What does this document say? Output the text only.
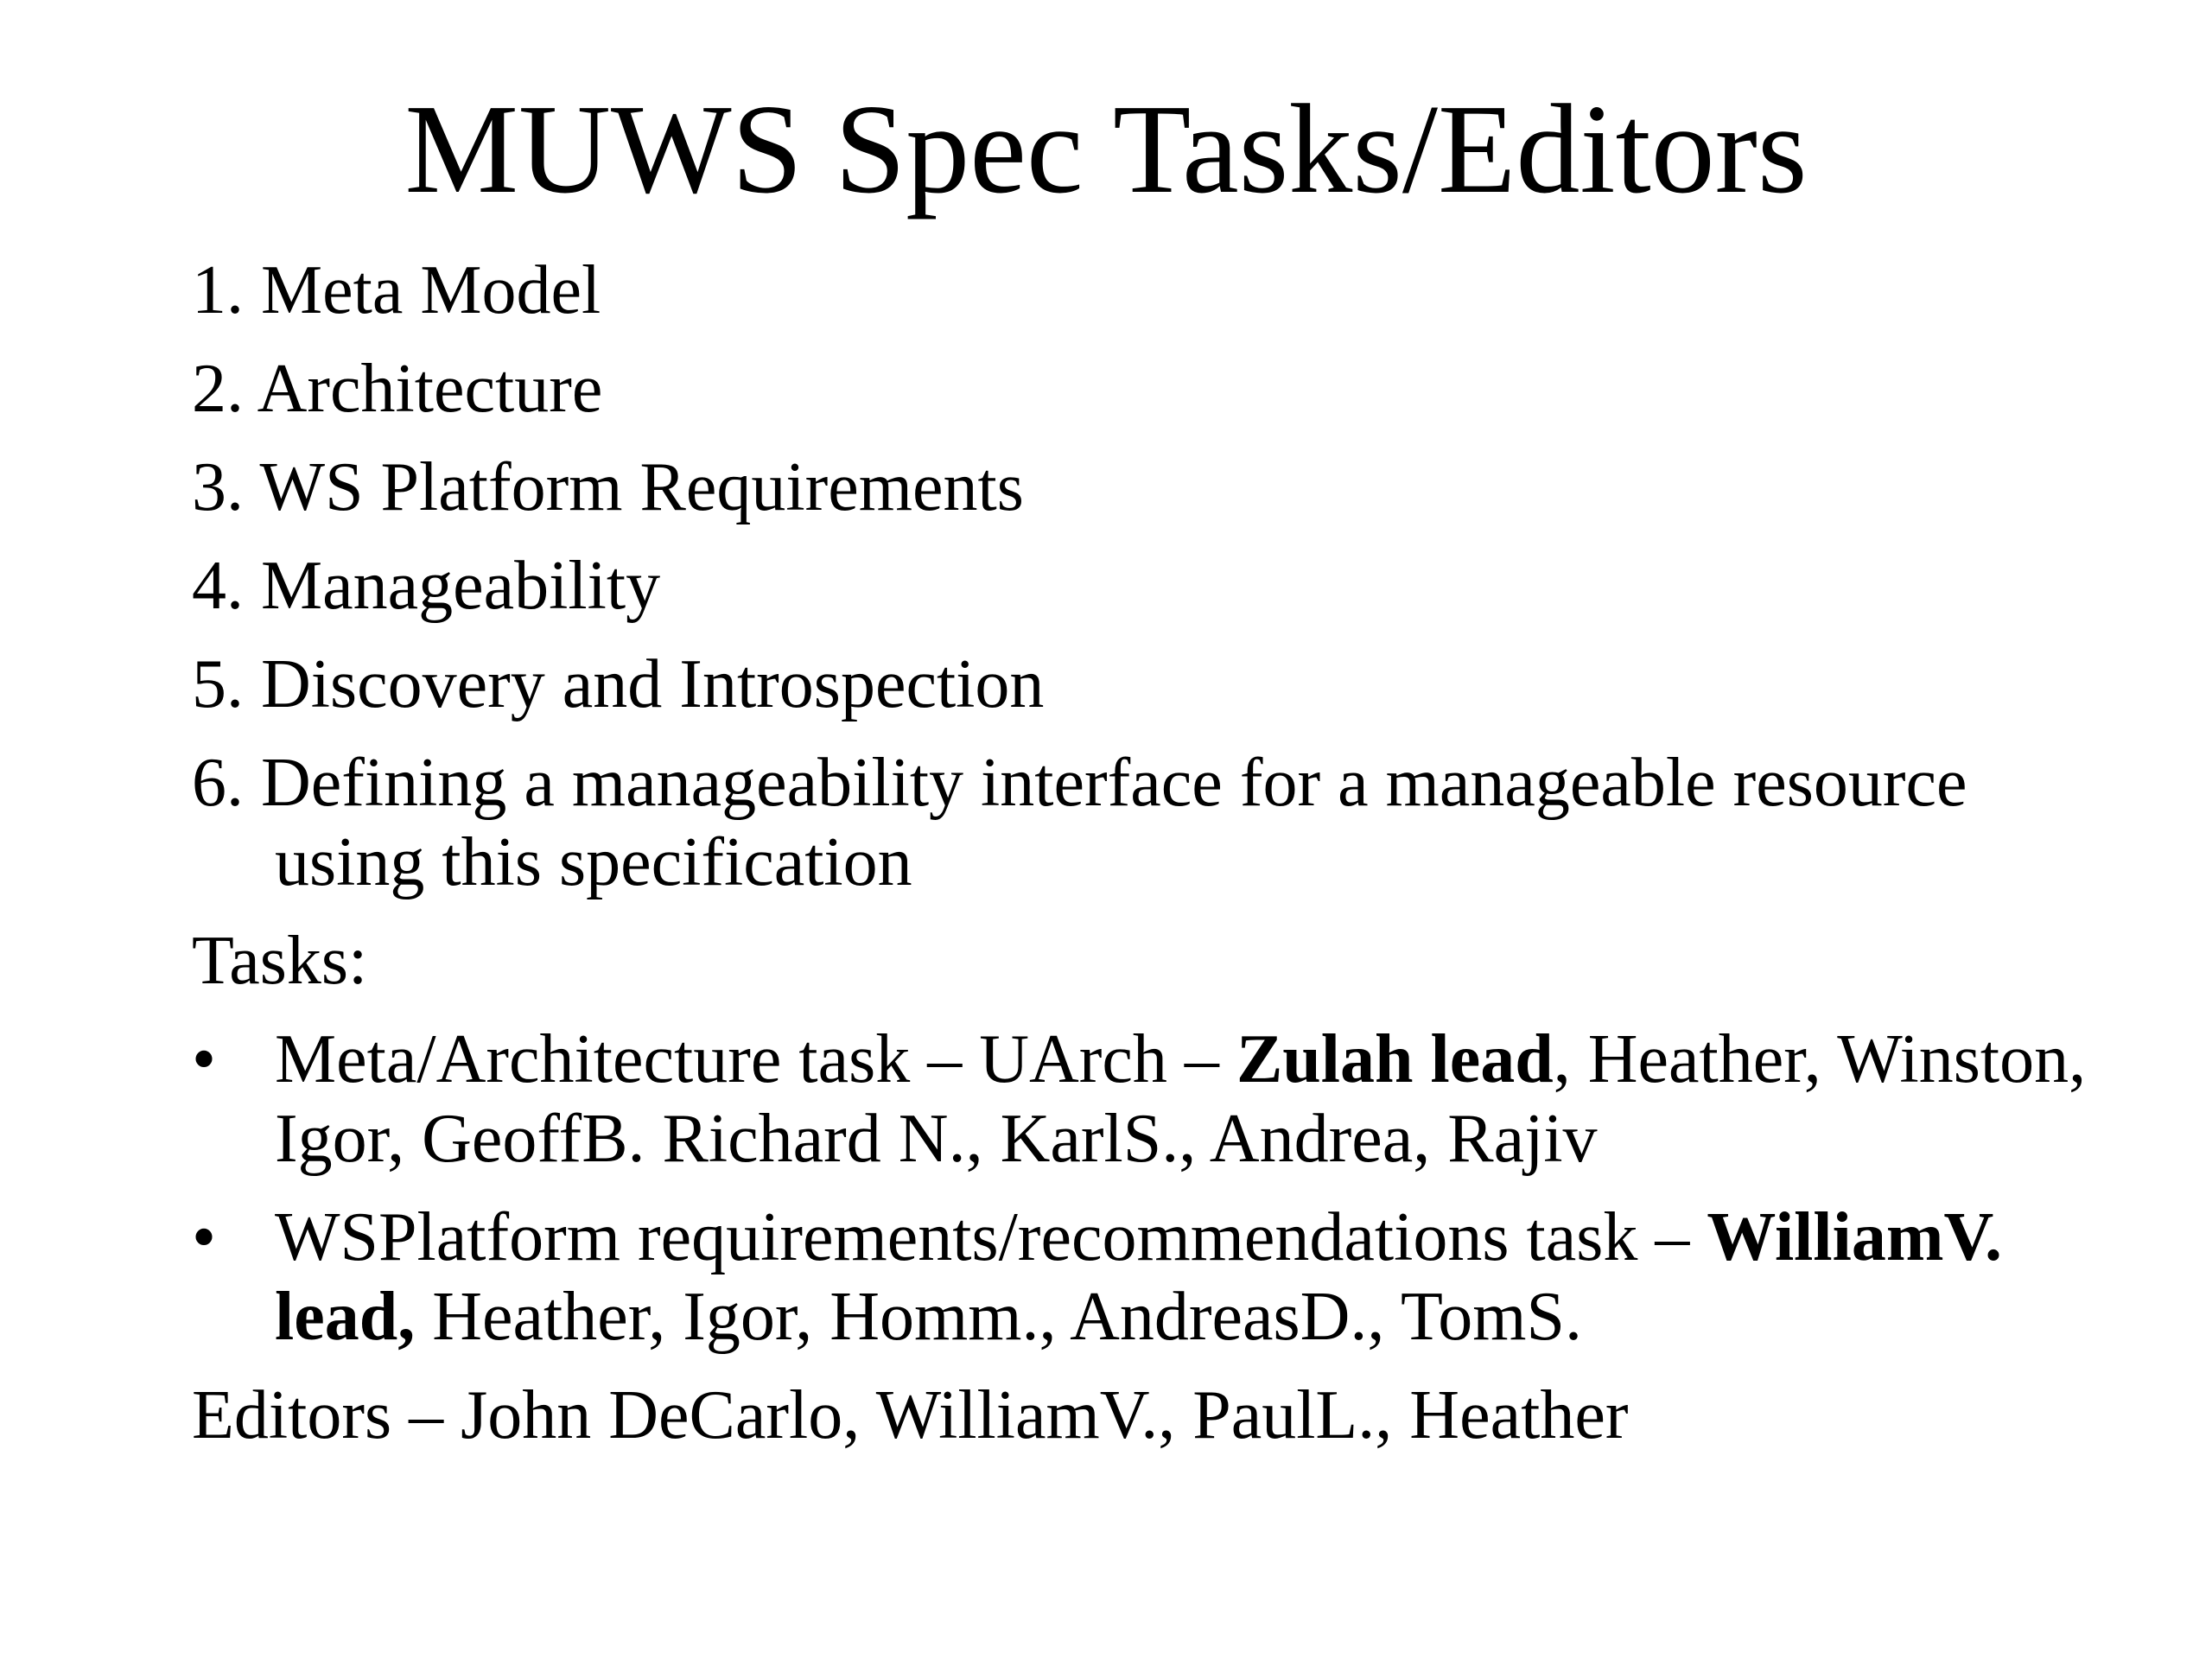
MUWS Spec Tasks/Editors
1. Meta Model
2. Architecture
3. WS Platform Requirements
4. Manageability
5. Discovery and Introspection
6. Defining a manageability interface for a manageable resource using this specification
Tasks:
• Meta/Architecture task – UArch – Zulah lead, Heather, Winston, Igor, GeoffB. Richard N., KarlS., Andrea, Rajiv
• WSPlatform requirements/recommendations task – WilliamV. lead, Heather, Igor, Homm., AndreasD., TomS.
Editors – John DeCarlo, WilliamV., PaulL., Heather
